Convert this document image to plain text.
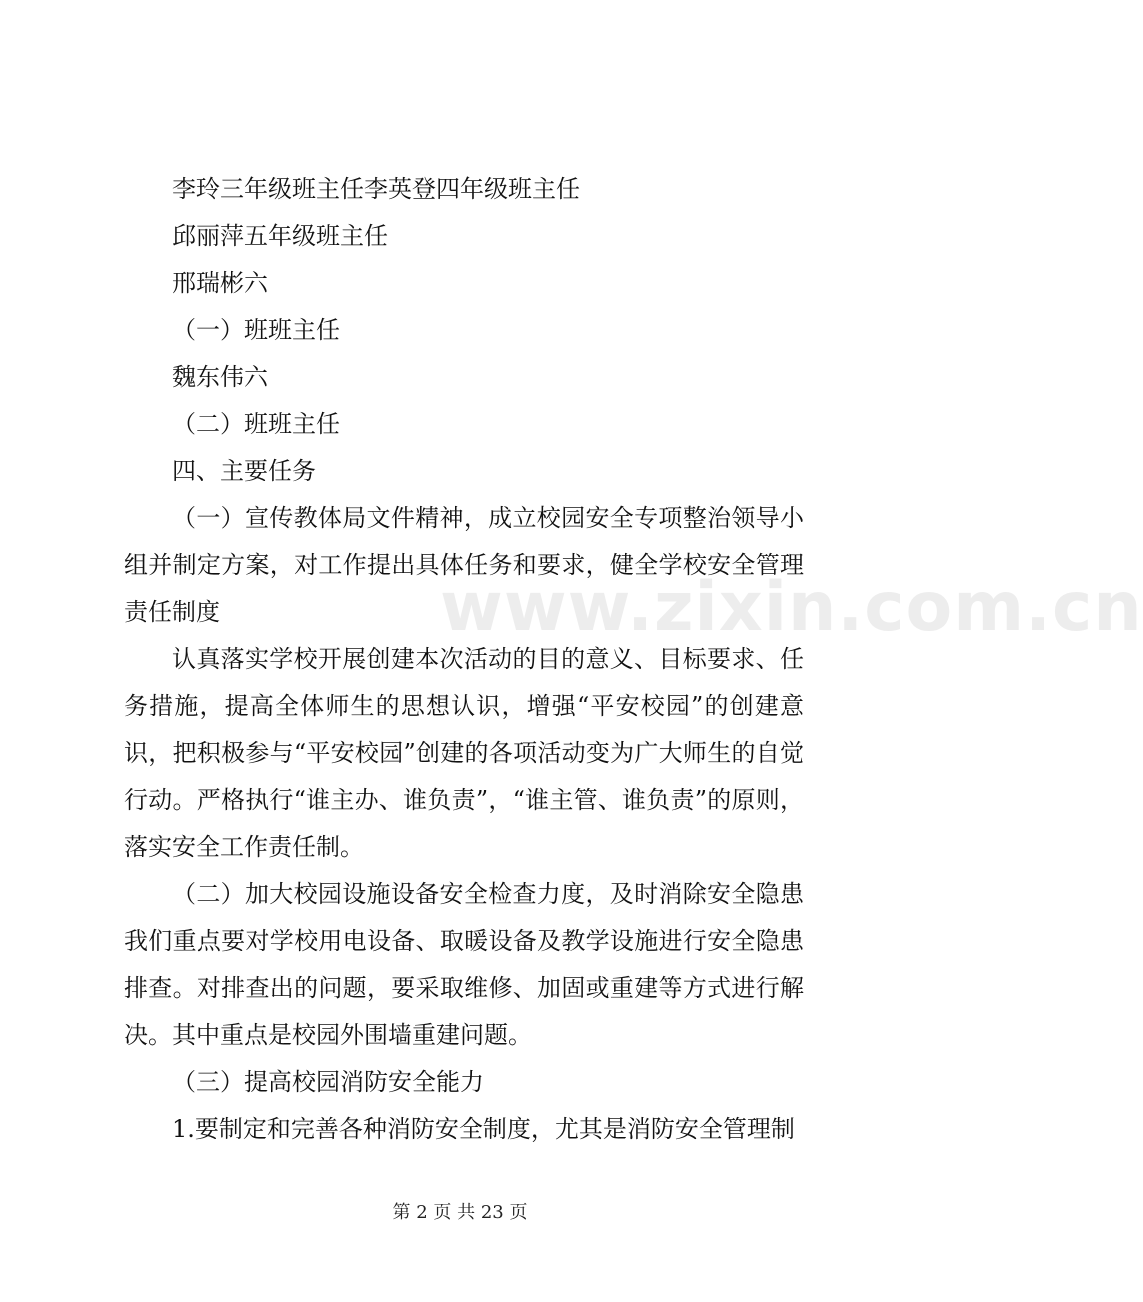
www.zixin.com.cn

李玲三年级班主任李英登四年级班主任

邱丽萍五年级班主任

邢瑞彬六

（一）班班主任

魏东伟六

（二）班班主任

四、主要任务

（一）宣传教体局文件精神，成立校园安全专项整治领导小组并制定方案，对工作提出具体任务和要求，健全学校安全管理责任制度

认真落实学校开展创建本次活动的目的意义、目标要求、任务措施，提高全体师生的思想认识，增强“平安校园”的创建意识，把积极参与“平安校园”创建的各项活动变为广大师生的自觉行动。严格执行“谁主办、谁负责”，“谁主管、谁负责”的原则，落实安全工作责任制。

（二）加大校园设施设备安全检查力度，及时消除安全隐患我们重点要对学校用电设备、取暖设备及教学设施进行安全隐患排查。对排查出的问题，要采取维修、加固或重建等方式进行解决。其中重点是校园外围墙重建问题。

（三）提高校园消防安全能力

1.要制定和完善各种消防安全制度，尤其是消防安全管理制

第 2 页 共 23 页
